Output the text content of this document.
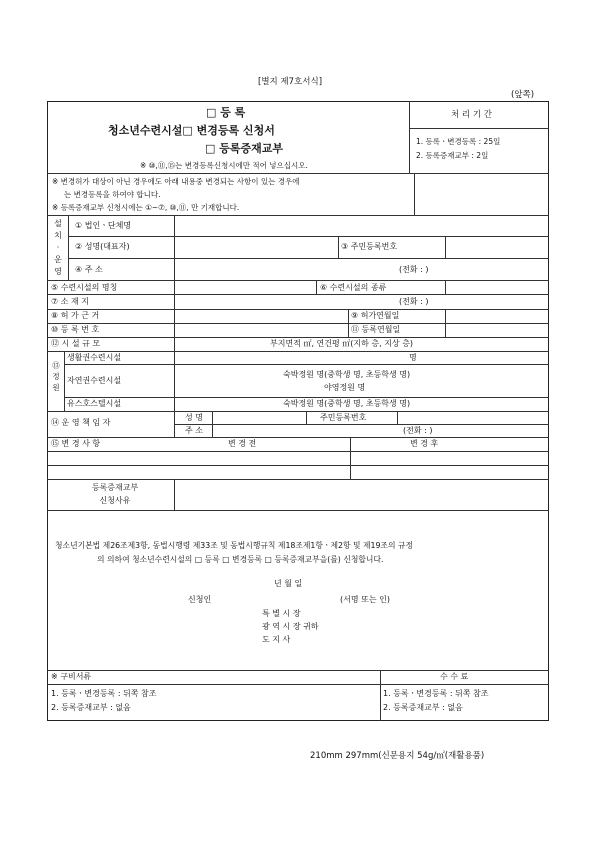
[별지 제7호서식]
(앞쪽)
□ 등 록
청소년수련시설□ 변경등록 신청서
□ 등록증재교부
※ ⑩,⑪,⑮는 변경등록신청시에만 적어 넣으십시오.
처 리 기 간
1. 등록ㆍ변경등록 : 25일
2. 등록증재교부 : 2일
※ 변경허가 대상이 아닌 경우에도 아래 내용중 변경되는 사항이 있는 경우에
는 변경등록을 하여야 합니다.
※ 등록증재교부 신청시에는 ①~⑦, ⑩,⑪, 만 기재합니다.
설
치
·
운
영
① 법인ㆍ단체명
② 성명(대표자)	③ 주민등록번호
④ 주 소	(전화 : )
⑤ 수련시설의 명칭	⑥ 수련시설의 종류
⑦ 소 재 지	(전화 : )
⑧ 허 가 근 거	⑨ 허가연월일
⑩ 등 록 번 호	⑪ 등록연월일
⑫ 시 설 규 모	부지면적 ㎡, 연건평 ㎡(지하 층, 지상 층)
⑬
정
원
생활권수련시설	명
자연권수련시설
숙박정원 명(중학생 명, 초등학생 명)
야영정원 명
유스호스텔시설	숙박정원 명(중학생 명, 초등학생 명)
⑭ 운 영 책 임 자
성 명	주민등록번호
주 소	(전화 : )
⑮ 변 경 사 항	변 경 전	변 경 후
등록증재교부
신청사유
청소년기본법 제26조제3항, 동법시행령 제33조 및 동법시행규칙 제18조제1항ㆍ제2항 및 제19조의 규정
의 의하여 청소년수련시설의 □ 등록 □ 변경등록 □ 등록증재교부을(를) 신청합니다.
년 월 일
신청인	(서명 또는 인)
특 별 시 장
광 역 시 장 귀하
도 지 사
※ 구비서류
1. 등록ㆍ변경등록 : 뒤쪽 참조
2. 등록증재교부 : 없음
수 수 료
1. 등록ㆍ변경등록 : 뒤쪽 참조
2. 등록증재교부 : 없음
210mm 297mm(신문용지 54g/㎡(재활용품)
